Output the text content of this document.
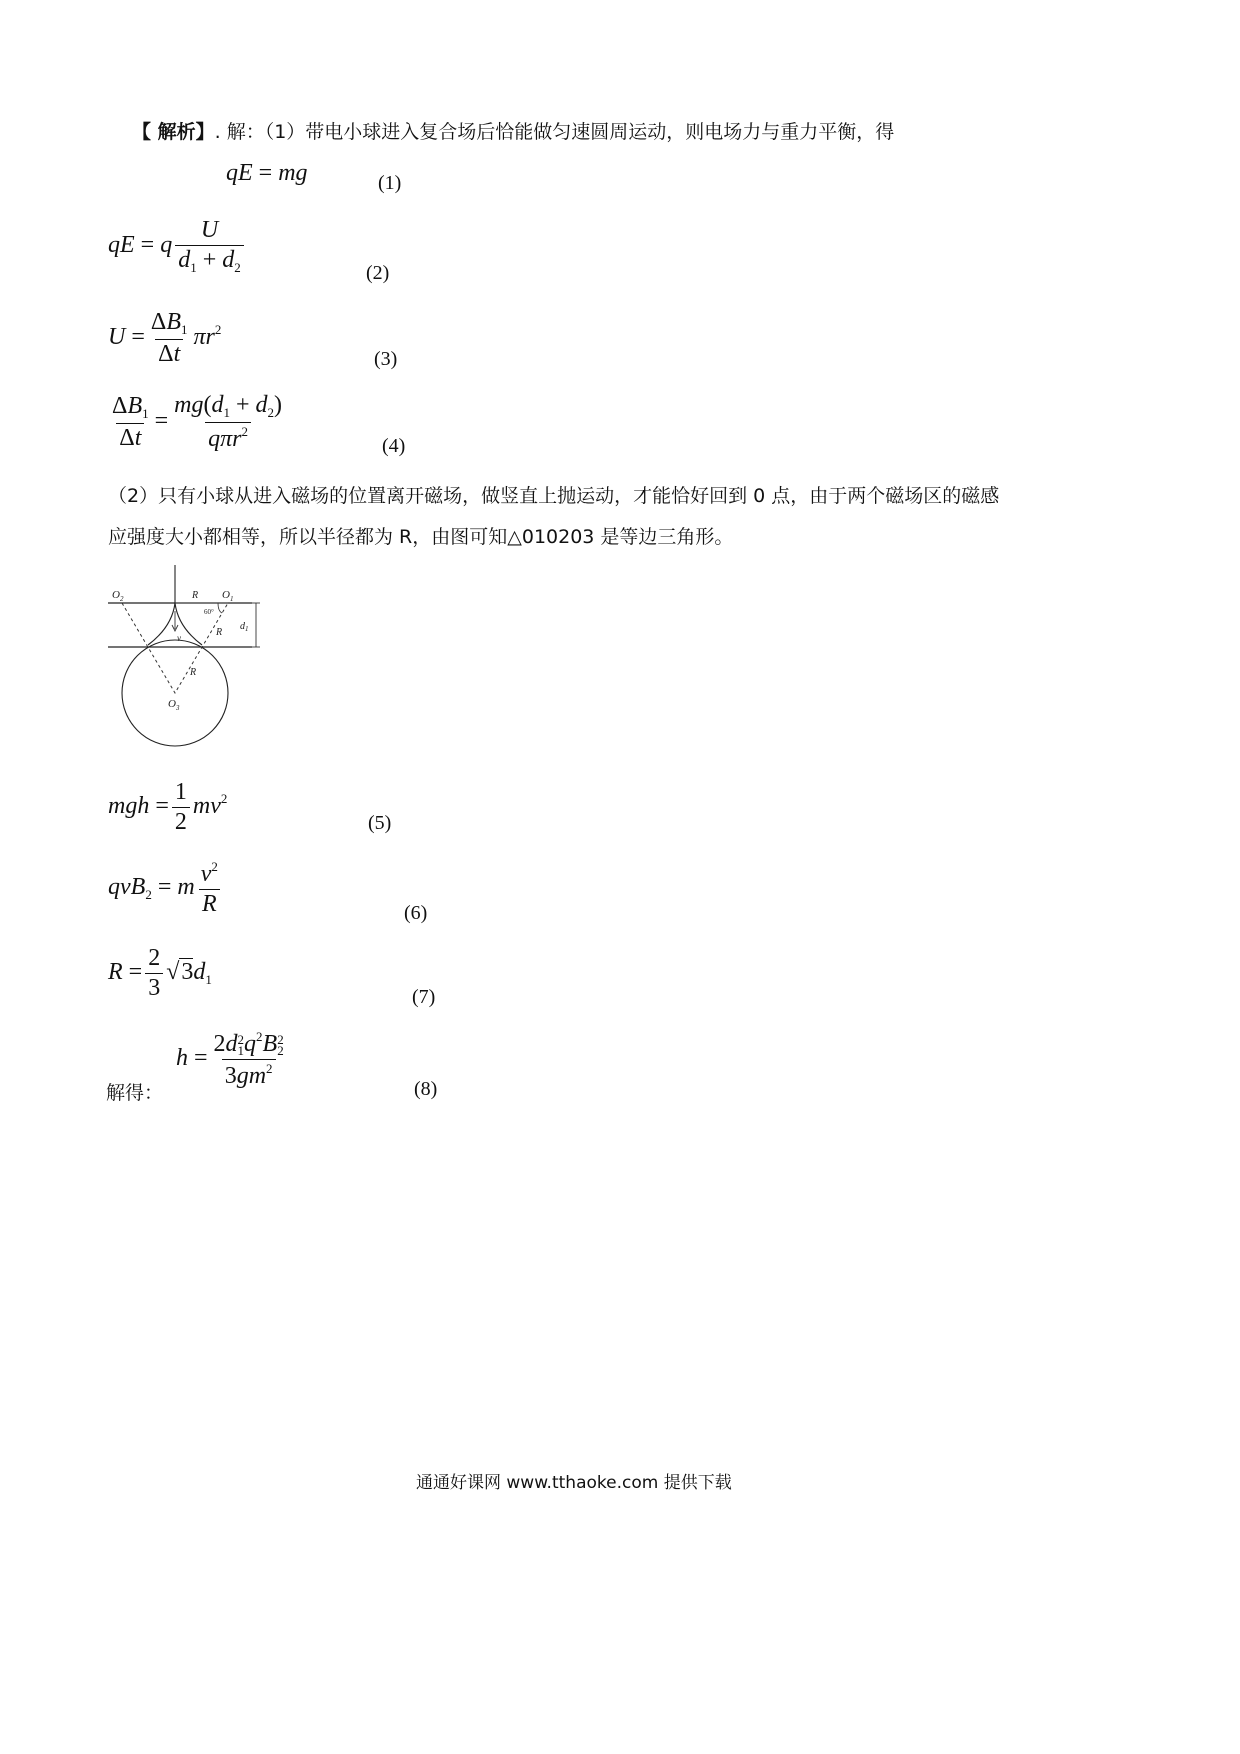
【 解析】. 解：（1）带电小球进入复合场后恰能做匀速圆周运动，则电场力与重力平衡，得
qE = mg	(1)
qE = q $\frac{U}{d_1 + d_2}$	(2)
$U = \frac{\Delta B_1}{\Delta t} \pi r^2$
(3)
$\frac{\Delta B_1}{\Delta t} = \frac{mg(d_1 + d_2)}{q\pi r^2}$	(4)
（2）只有小球从进入磁场的位置离开磁场，做竖直上抛运动，才能恰好回到 0 点，由于两个磁场区的磁感
应强度大小都相等，所以半径都为 R，由图可知△010203 是等边三角形。
$O_2$	$O_1$
$O_3$
R
R
R
60°
v
$d_1$
mgh = $\frac{1}{2} mv^2$
(5)
qvB$_2$ = m $\frac{v^2}{R}$	(6)
$R = \frac{2}{3} √3d_1$
(7)
解得：
h = 2d 2
1 $q^2B$ 2
2
$3gm^2$	(8)
通通好课网 www.tthaoke.com 提供下载
